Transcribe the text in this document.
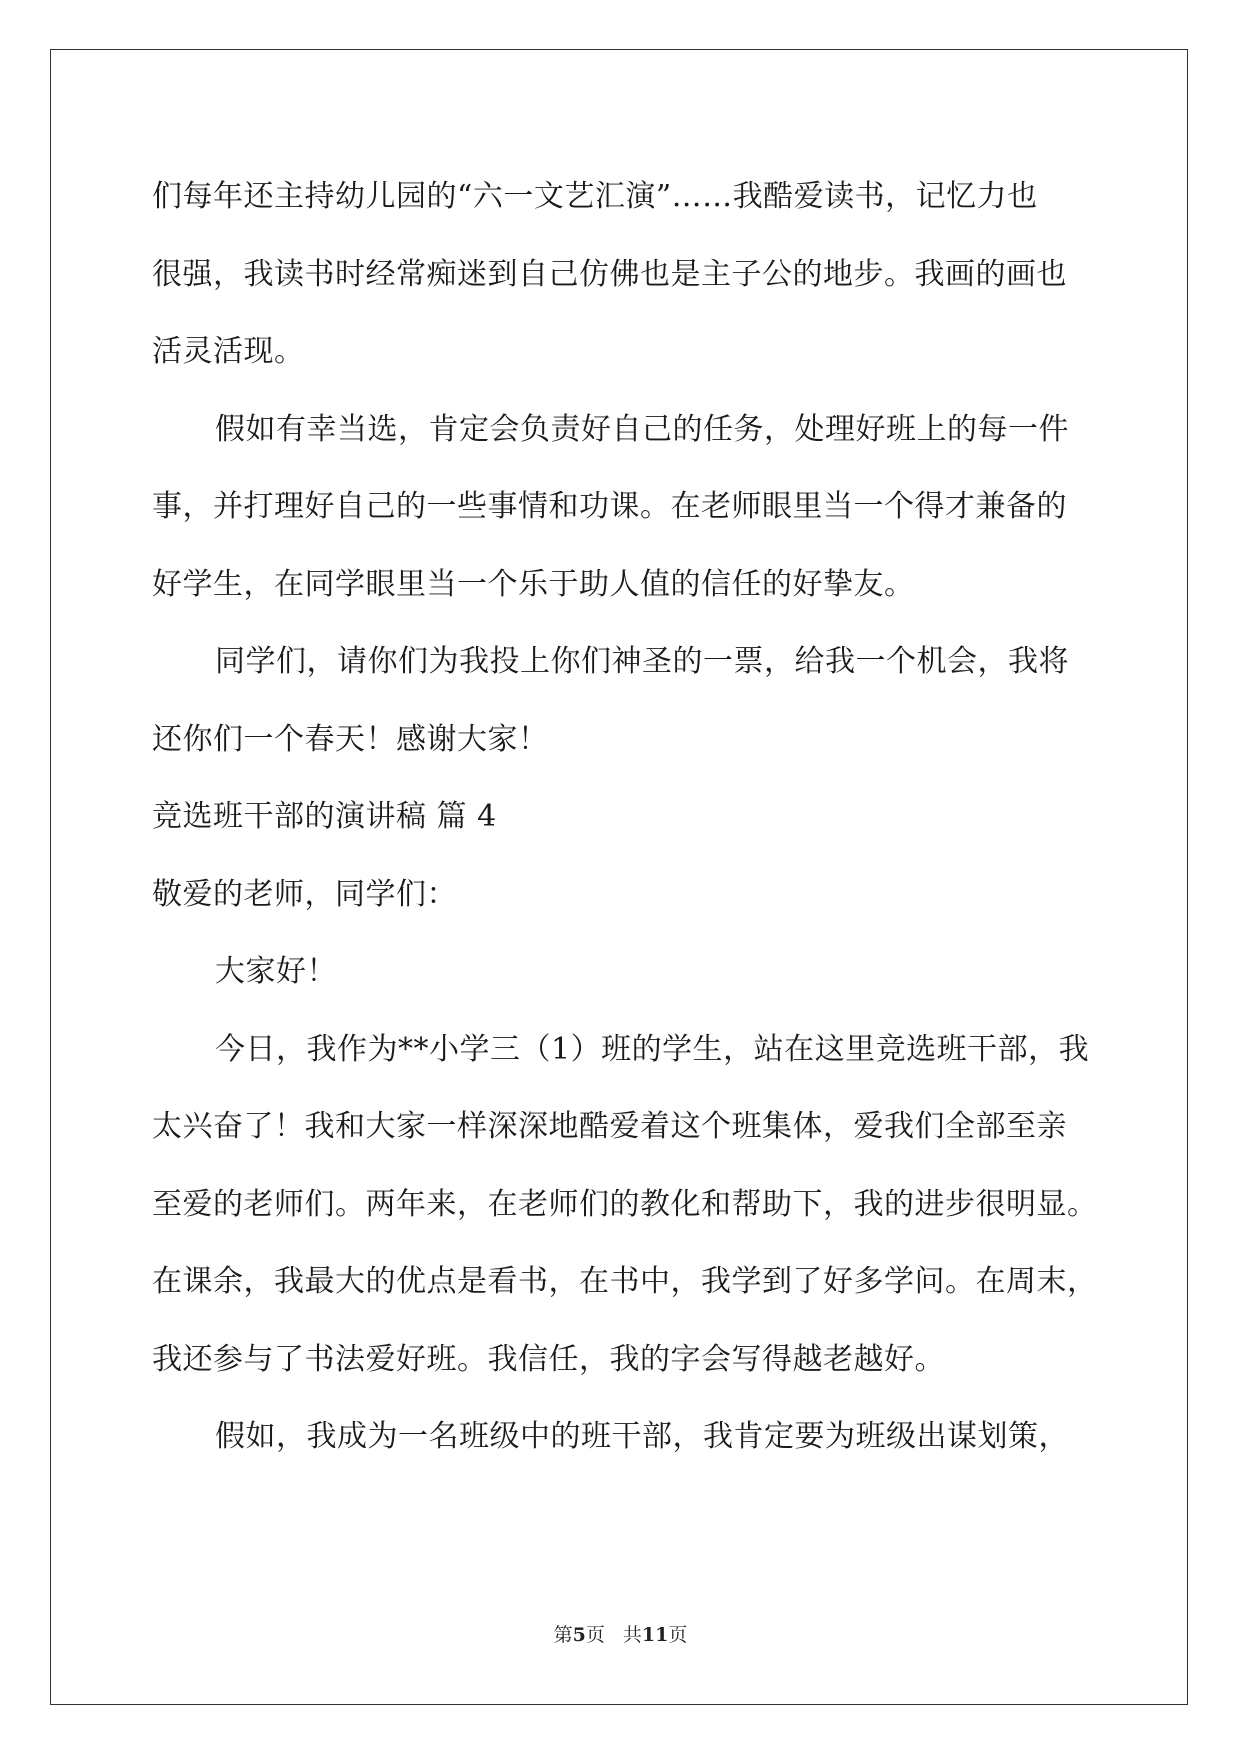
们每年还主持幼儿园的“六一文艺汇演”……我酷爱读书，记忆力也
很强，我读书时经常痴迷到自己仿佛也是主子公的地步。我画的画也
活灵活现。
假如有幸当选，肯定会负责好自己的任务，处理好班上的每一件
事，并打理好自己的一些事情和功课。在老师眼里当一个得才兼备的
好学生，在同学眼里当一个乐于助人值的信任的好挚友。
同学们，请你们为我投上你们神圣的一票，给我一个机会，我将
还你们一个春天！感谢大家！
竞选班干部的演讲稿 篇 4
敬爱的老师，同学们：
大家好！
今日，我作为**小学三（1）班的学生，站在这里竞选班干部，我
太兴奋了！我和大家一样深深地酷爱着这个班集体，爱我们全部至亲
至爱的老师们。两年来，在老师们的教化和帮助下，我的进步很明显。
在课余，我最大的优点是看书，在书中，我学到了好多学问。在周末，
我还参与了书法爱好班。我信任，我的字会写得越老越好。
假如，我成为一名班级中的班干部，我肯定要为班级出谋划策，
第5页 共11页
